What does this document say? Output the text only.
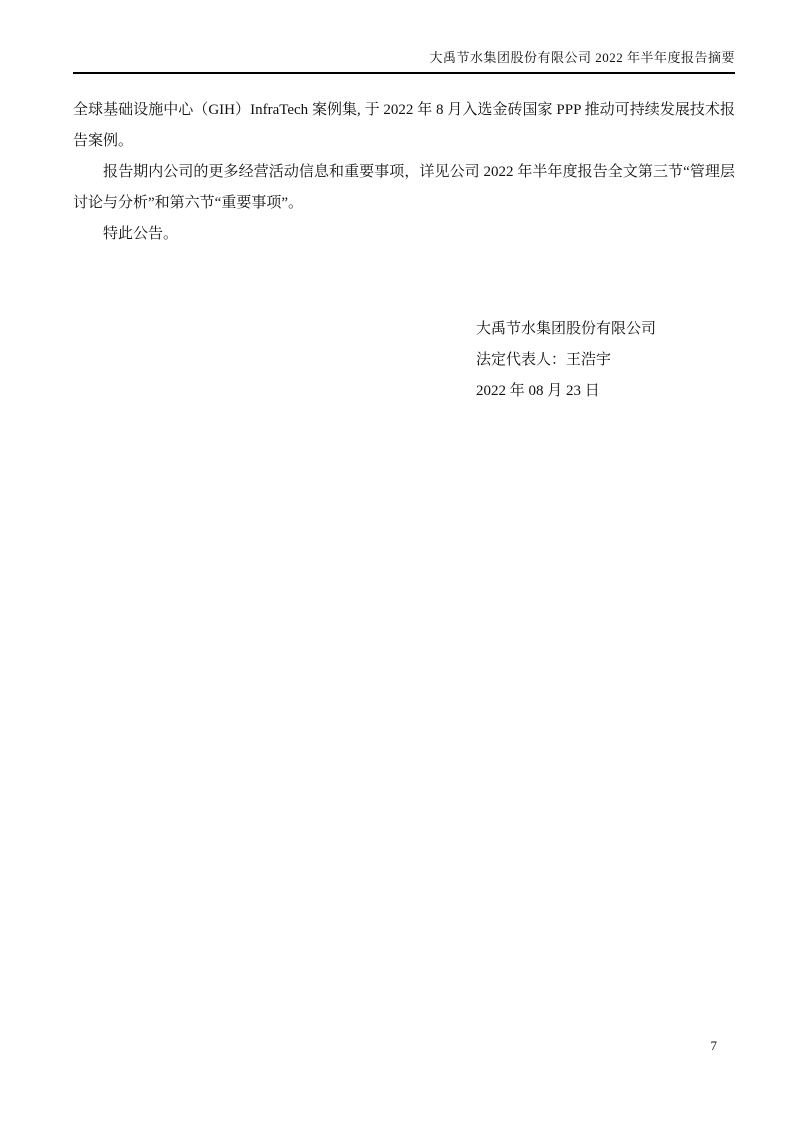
大禹节水集团股份有限公司 2022 年半年度报告摘要

全球基础设施中心（GIH）InfraTech 案例集, 于 2022 年 8 月入选金砖国家 PPP 推动可持续发展技术报告案例。

报告期内公司的更多经营活动信息和重要事项，详见公司 2022 年半年度报告全文第三节“管理层讨论与分析”和第六节“重要事项”。

特此公告。

大禹节水集团股份有限公司
法定代表人：王浩宇
2022 年 08 月 23 日
7
